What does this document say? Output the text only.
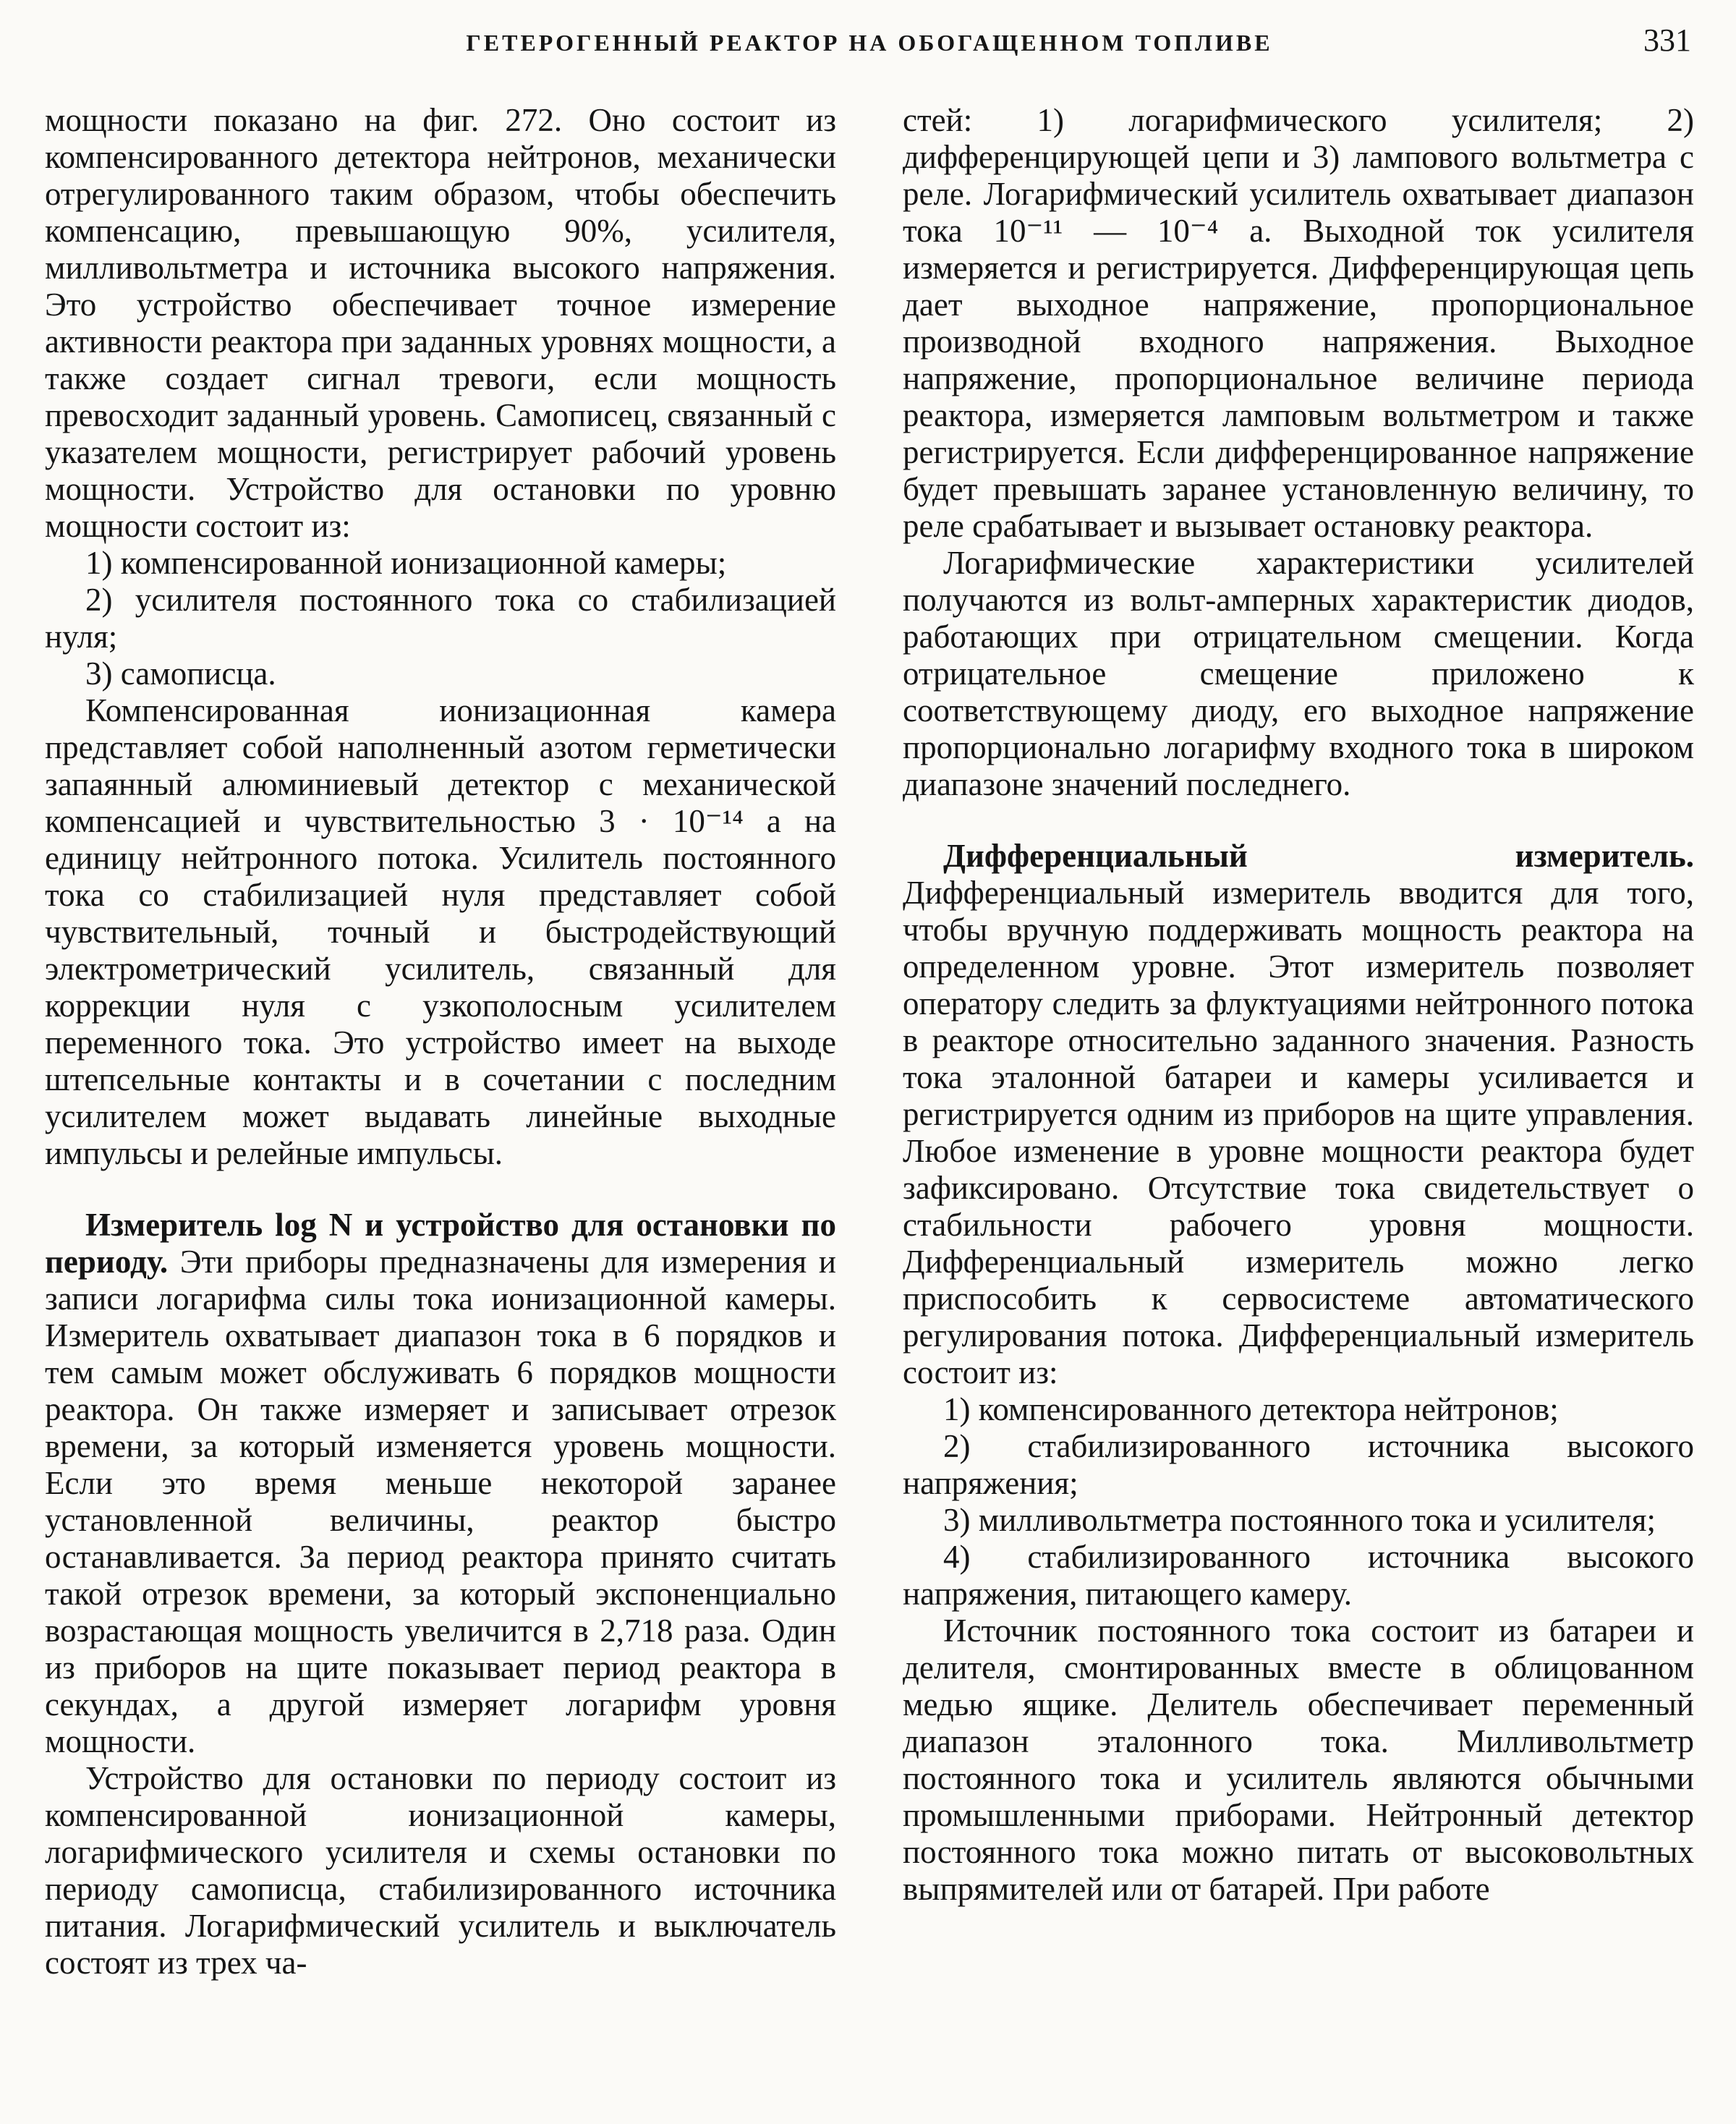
ГЕТЕРОГЕННЫЙ РЕАКТОР НА ОБОГАЩЕННОМ ТОПЛИВЕ	331

мощности показано на фиг. 272. Оно состоит из компенсированного детектора нейтронов, механически отрегулированного таким образом, чтобы обеспечить компенсацию, превышающую 90%, усилителя, милливольтметра и источника высокого напряжения. Это устройство обеспечивает точное измерение активности реактора при заданных уровнях мощности, а также создает сигнал тревоги, если мощность превосходит заданный уровень. Самописец, связанный с указателем мощности, регистрирует рабочий уровень мощности. Устройство для остановки по уровню мощности состоит из:

1) компенсированной ионизационной камеры;

2) усилителя постоянного тока со стабилизацией нуля;

3) самописца.

Компенсированная ионизационная камера представляет собой наполненный азотом герметически запаянный алюминиевый детектор с механической компенсацией и чувствительностью 3 · 10⁻¹⁴ а на единицу нейтронного потока. Усилитель постоянного тока со стабилизацией нуля представляет собой чувствительный, точный и быстродействующий электрометрический усилитель, связанный для коррекции нуля с узкополосным усилителем переменного тока. Это устройство имеет на выходе штепсельные контакты и в сочетании с последним усилителем может выдавать линейные выходные импульсы и релейные импульсы.

Измеритель log N и устройство для остановки по периоду. Эти приборы предназначены для измерения и записи логарифма силы тока ионизационной камеры. Измеритель охватывает диапазон тока в 6 порядков и тем самым может обслуживать 6 порядков мощности реактора. Он также измеряет и записывает отрезок времени, за который изменяется уровень мощности. Если это время меньше некоторой заранее установленной величины, реактор быстро останавливается. За период реактора принято считать такой отрезок времени, за который экспоненциально возрастающая мощность увеличится в 2,718 раза. Один из приборов на щите показывает период реактора в секундах, а другой измеряет логарифм уровня мощности.

Устройство для остановки по периоду состоит из компенсированной ионизационной камеры, логарифмического усилителя и схемы остановки по периоду самописца, стабилизированного источника питания. Логарифмический усилитель и выключатель состоят из трех ча-

стей: 1) логарифмического усилителя; 2) дифференцирующей цепи и 3) лампового вольтметра с реле. Логарифмический усилитель охватывает диапазон тока 10⁻¹¹ — 10⁻⁴ а. Выходной ток усилителя измеряется и регистрируется. Дифференцирующая цепь дает выходное напряжение, пропорциональное производной входного напряжения. Выходное напряжение, пропорциональное величине периода реактора, измеряется ламповым вольтметром и также регистрируется. Если дифференцированное напряжение будет превышать заранее установленную величину, то реле срабатывает и вызывает остановку реактора.

Логарифмические характеристики усилителей получаются из вольт-амперных характеристик диодов, работающих при отрицательном смещении. Когда отрицательное смещение приложено к соответствующему диоду, его выходное напряжение пропорционально логарифму входного тока в широком диапазоне значений последнего.

Дифференциальный измеритель. Дифференциальный измеритель вводится для того, чтобы вручную поддерживать мощность реактора на определенном уровне. Этот измеритель позволяет оператору следить за флуктуациями нейтронного потока в реакторе относительно заданного значения. Разность тока эталонной батареи и камеры усиливается и регистрируется одним из приборов на щите управления. Любое изменение в уровне мощности реактора будет зафиксировано. Отсутствие тока свидетельствует о стабильности рабочего уровня мощности. Дифференциальный измеритель можно легко приспособить к сервосистеме автоматического регулирования потока. Дифференциальный измеритель состоит из:

1) компенсированного детектора нейтронов;

2) стабилизированного источника высокого напряжения;

3) милливольтметра постоянного тока и усилителя;

4) стабилизированного источника высокого напряжения, питающего камеру.

Источник постоянного тока состоит из батареи и делителя, смонтированных вместе в облицованном медью ящике. Делитель обеспечивает переменный диапазон эталонного тока. Милливольтметр постоянного тока и усилитель являются обычными промышленными приборами. Нейтронный детектор постоянного тока можно питать от высоковольтных выпрямителей или от батарей. При работе
